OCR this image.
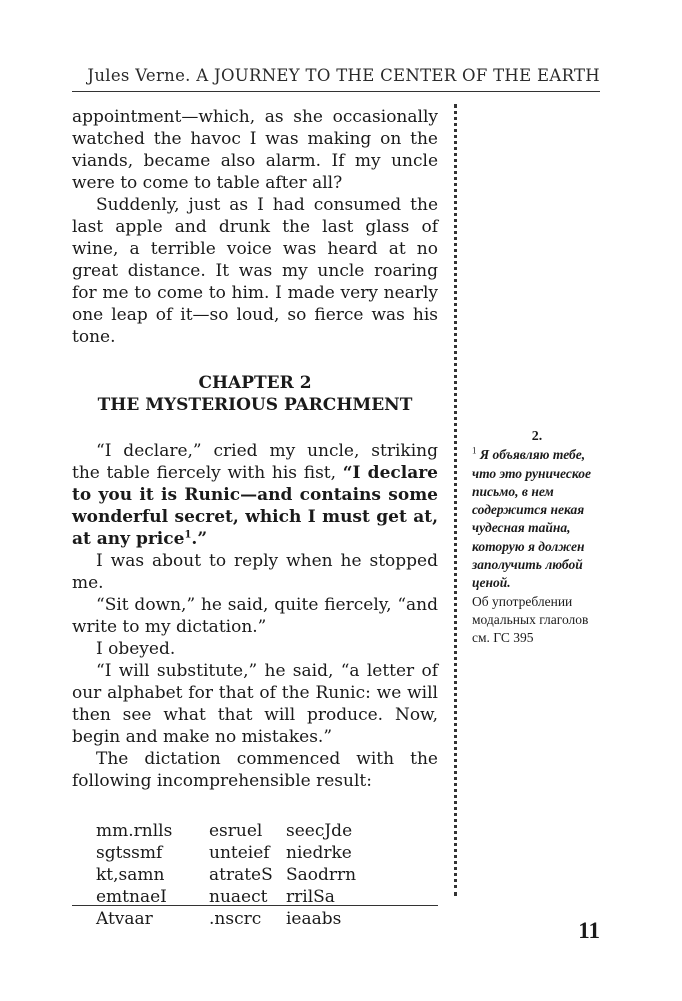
Jules Verne. A JOURNEY TO THE CENTER OF THE EARTH

appointment—which, as she occasionally watched the havoc I was making on the viands, became also alarm. If my uncle were to come to table after all?

Suddenly, just as I had consumed the last apple and drunk the last glass of wine, a terrible voice was heard at no great distance. It was my uncle roaring for me to come to him. I made very nearly one leap of it—so loud, so fierce was his tone.

CHAPTER 2
THE MYSTERIOUS PARCHMENT

“I declare,” cried my uncle, striking the table fiercely with his fist, “I declare to you it is Runic—and contains some wonderful secret, which I must get at, at any price$^1$.”

I was about to reply when he stopped me.

“Sit down,” he said, quite fiercely, “and write to my dictation.”

I obeyed.

“I will substitute,” he said, “a letter of our alphabet for that of the Runic: we will then see what that will produce. Now, begin and make no mistakes.”

The dictation commenced with the following incomprehensible result:

mm.rnlls	esruel	seecJde
sgtssmf	unteief niedrke
kt,samn	atrateS Saodrrn
emtnaeI	nuaect	rrilSa
Atvaar	.nscrc	ieaabs
2.
$^1$ Я объявляю тебе, что это руническое письмо, в нем содержится некая чудесная тайна, которую я должен заполучить любой ценой.
Об употреблении модальных глаголов см. ГС 395
11
